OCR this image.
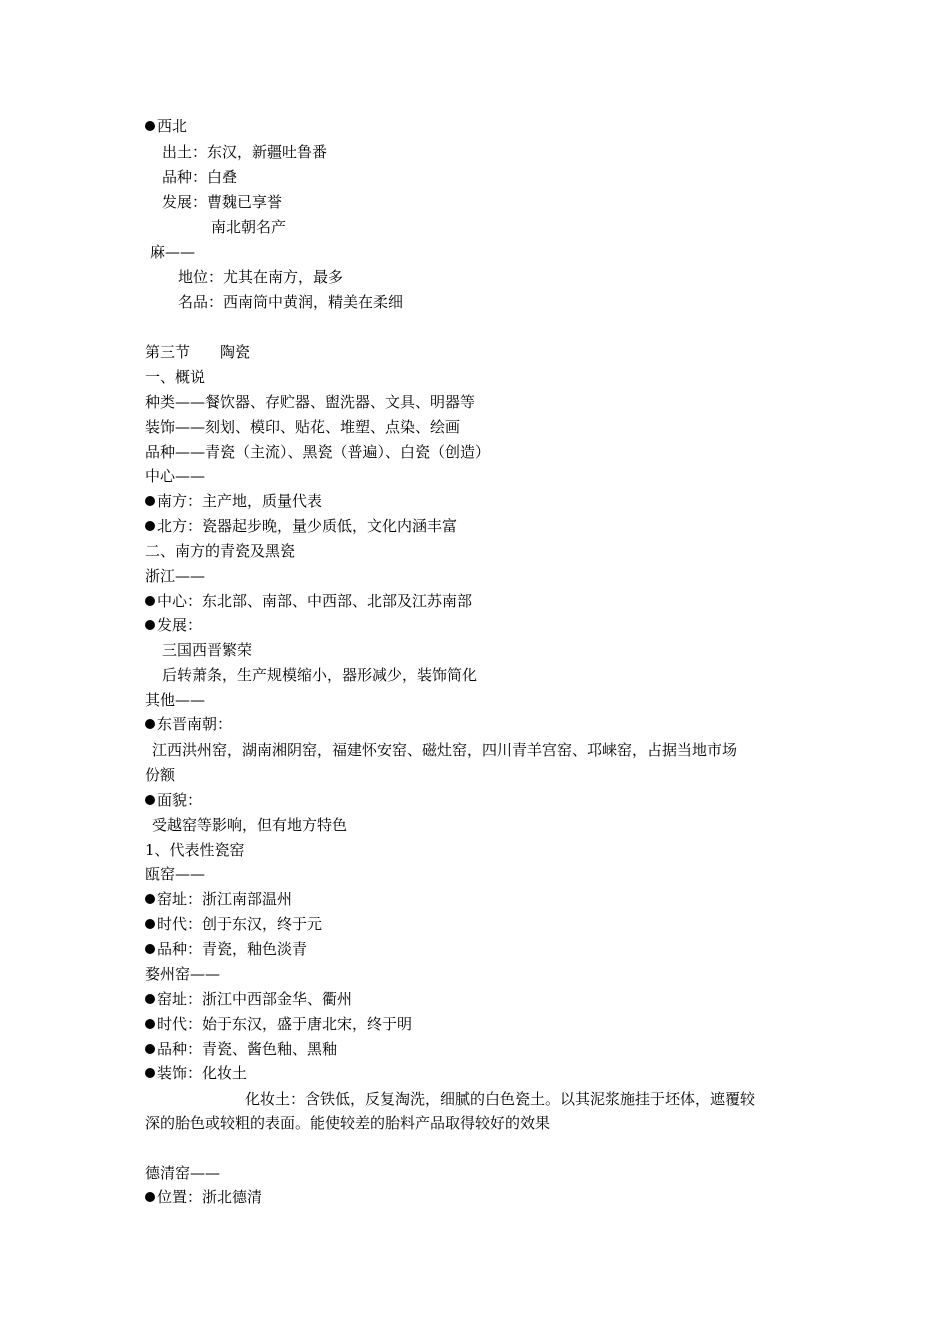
西北
出土：东汉，新疆吐鲁番
品种：白叠
发展：曹魏已享誉
南北朝名产
麻——
地位：尤其在南方，最多
名品：西南筒中黄润，精美在柔细
第三节　　陶瓷
一、概说
种类——餐饮器、存贮器、盥洗器、文具、明器等
装饰——刻划、模印、贴花、堆塑、点染、绘画
品种——青瓷（主流）、黑瓷（普遍）、白瓷（创造）
中心——
南方：主产地，质量代表
北方：瓷器起步晚，量少质低，文化内涵丰富
二、南方的青瓷及黑瓷
浙江——
中心：东北部、南部、中西部、北部及江苏南部
发展：
三国西晋繁荣
后转萧条，生产规模缩小，器形减少，装饰简化
其他——
东晋南朝：
江西洪州窑，湖南湘阴窑，福建怀安窑、磁灶窑，四川青羊宫窑、邛崃窑，占据当地市场
份额
面貌：
受越窑等影响，但有地方特色
1、代表性瓷窑
瓯窑——
窑址：浙江南部温州
时代：创于东汉，终于元
品种：青瓷，釉色淡青
婺州窑——
窑址：浙江中西部金华、衢州
时代：始于东汉，盛于唐北宋，终于明
品种：青瓷、酱色釉、黑釉
装饰：化妆土
化妆土：含铁低，反复淘洗，细腻的白色瓷土。以其泥浆施挂于坯体，遮覆较
深的胎色或较粗的表面。能使较差的胎料产品取得较好的效果
德清窑——
位置：浙北德清
